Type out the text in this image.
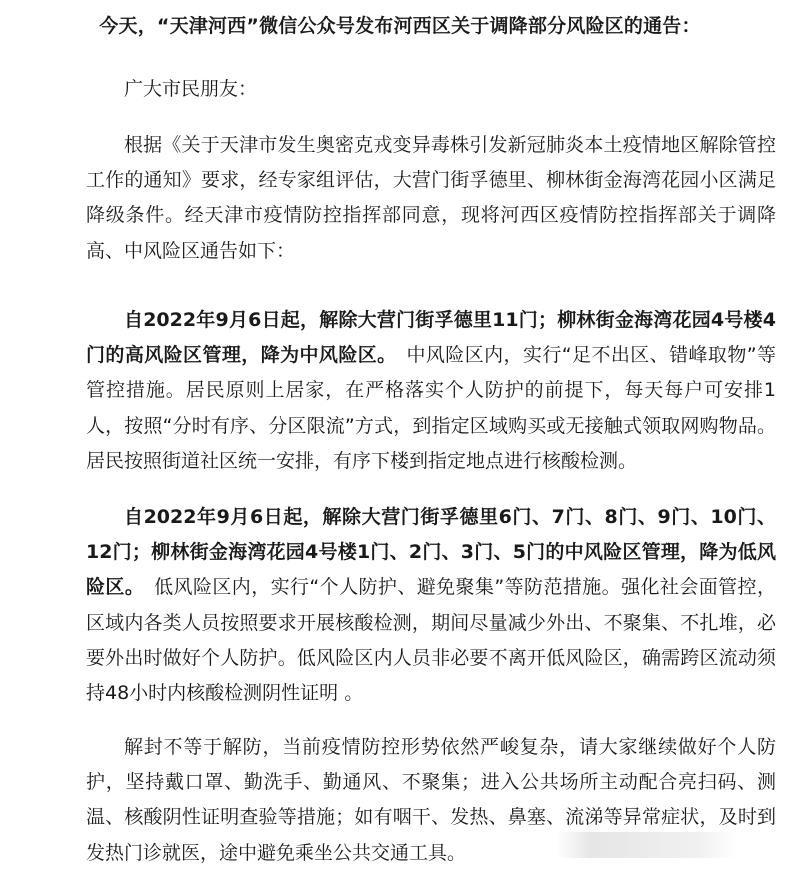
今天，“天津河西”微信公众号发布河西区关于调降部分风险区的通告：
广大市民朋友：

根据《关于天津市发生奥密克戎变异毒株引发新冠肺炎本土疫情地区解除管控工作的通知》要求，经专家组评估，大营门街孚德里、柳林街金海湾花园小区满足降级条件。经天津市疫情防控指挥部同意，现将河西区疫情防控指挥部关于调降高、中风险区通告如下：

自2022年9月6日起，解除大营门街孚德里11门；柳林街金海湾花园4号楼4门的高风险区管理，降为中风险区。　中风险区内，实行“足不出区、错峰取物”等管控措施。居民原则上居家，在严格落实个人防护的前提下，每天每户可安排1人，按照“分时有序、分区限流”方式，到指定区域购买或无接触式领取网购物品。居民按照街道社区统一安排，有序下楼到指定地点进行核酸检测。

自2022年9月6日起，解除大营门街孚德里6门、7门、8门、9门、10门、12门；柳林街金海湾花园4号楼1门、2门、3门、5门的中风险区管理，降为低风险区。　低风险区内，实行“个人防护、避免聚集”等防范措施。强化社会面管控，区域内各类人员按照要求开展核酸检测，期间尽量减少外出、不聚集、不扎堆，必要外出时做好个人防护。低风险区内人员非必要不离开低风险区，确需跨区流动须持48小时内核酸检测阴性证明 。

解封不等于解防，当前疫情防控形势依然严峻复杂，请大家继续做好个人防护，坚持戴口罩、勤洗手、勤通风、不聚集；进入公共场所主动配合亮扫码、测温、核酸阴性证明查验等措施；如有咽干、发热、鼻塞、流涕等异常症状，及时到发热门诊就医，途中避免乘坐公共交通工具。
